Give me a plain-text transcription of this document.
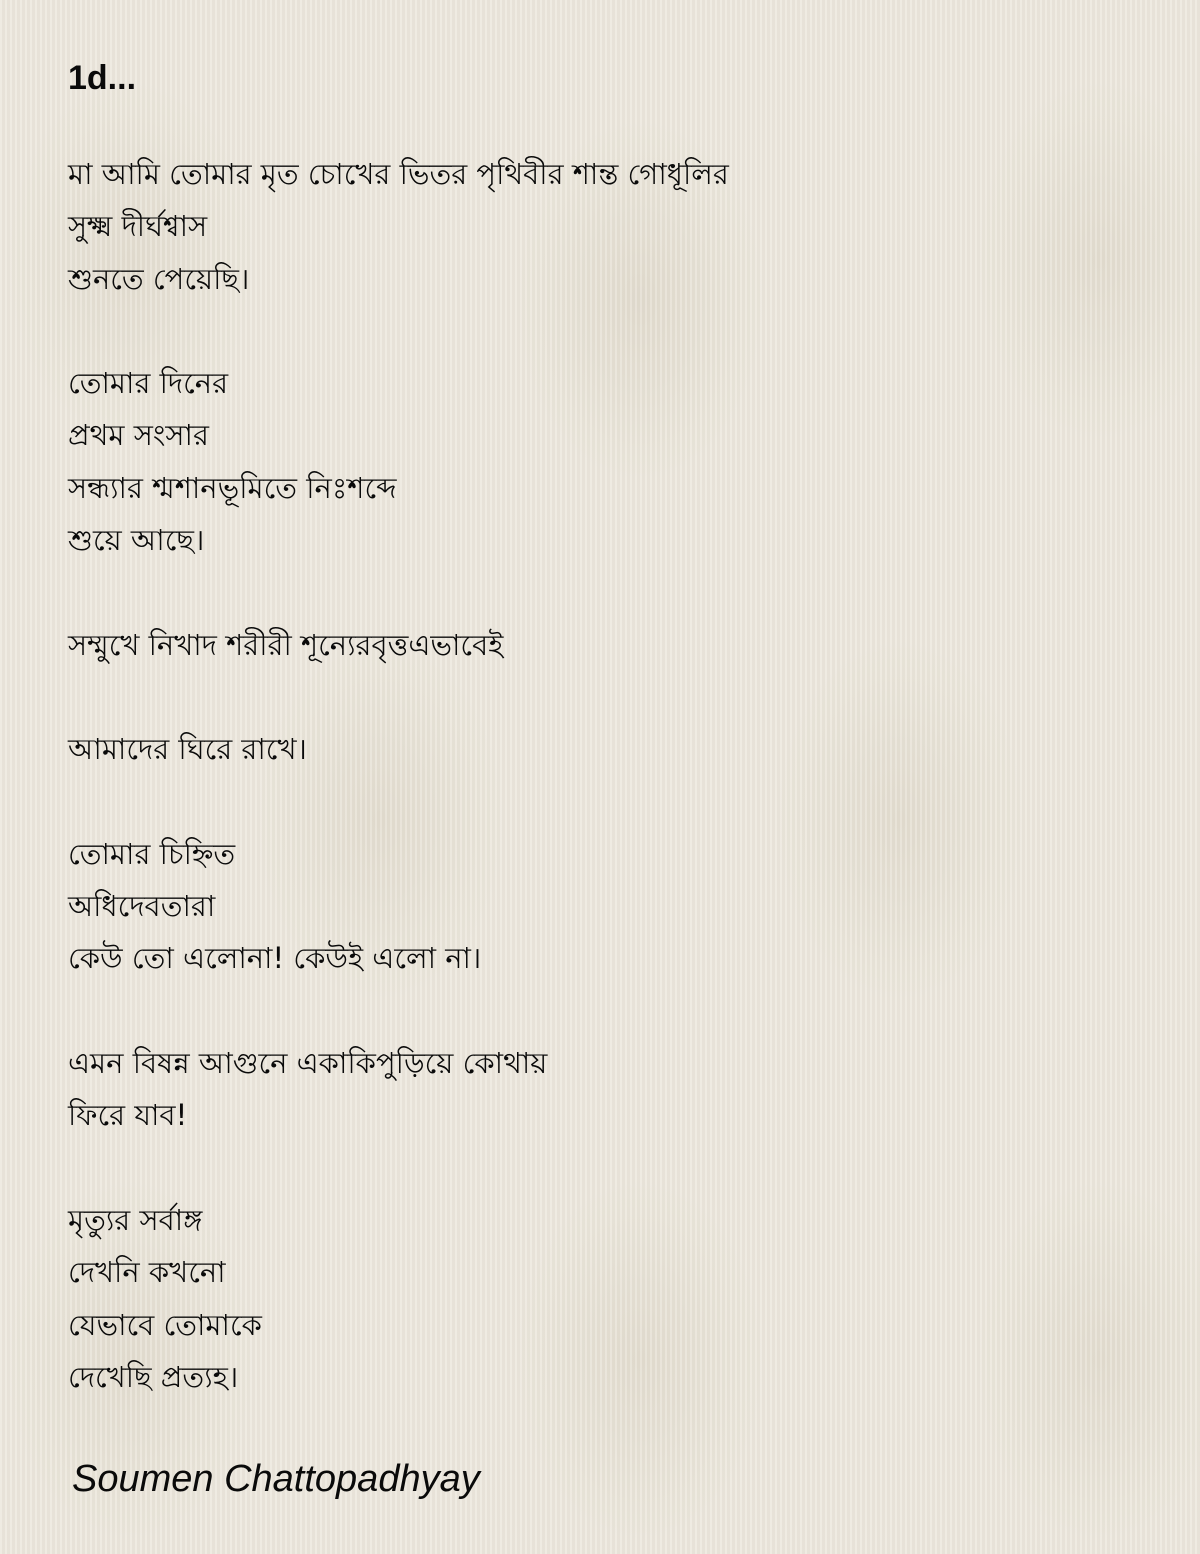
1d...
মা আমি তোমার মৃত চোখের ভিতর পৃথিবীর শান্ত গোধূলির
সুক্ষ্ম দীর্ঘশ্বাস
শুনতে পেয়েছি।
তোমার দিনের
প্রথম সংসার
সন্ধ্যার শ্মশানভূমিতে নিঃশব্দে
শুয়ে আছে।
সম্মুখে নিখাদ শরীরী শূন্যেরবৃত্তএভাবেই
আমাদের ঘিরে রাখে।
তোমার চিহ্নিত
অধিদেবতারা
কেউ তো এলোনা! কেউই এলো না।
এমন বিষন্ন আগুনে একাকিপুড়িয়ে কোথায়
ফিরে যাব!
মৃত্যুর সর্বাঙ্গ
দেখনি কখনো
যেভাবে তোমাকে
দেখেছি প্রত্যহ।

Soumen Chattopadhyay
